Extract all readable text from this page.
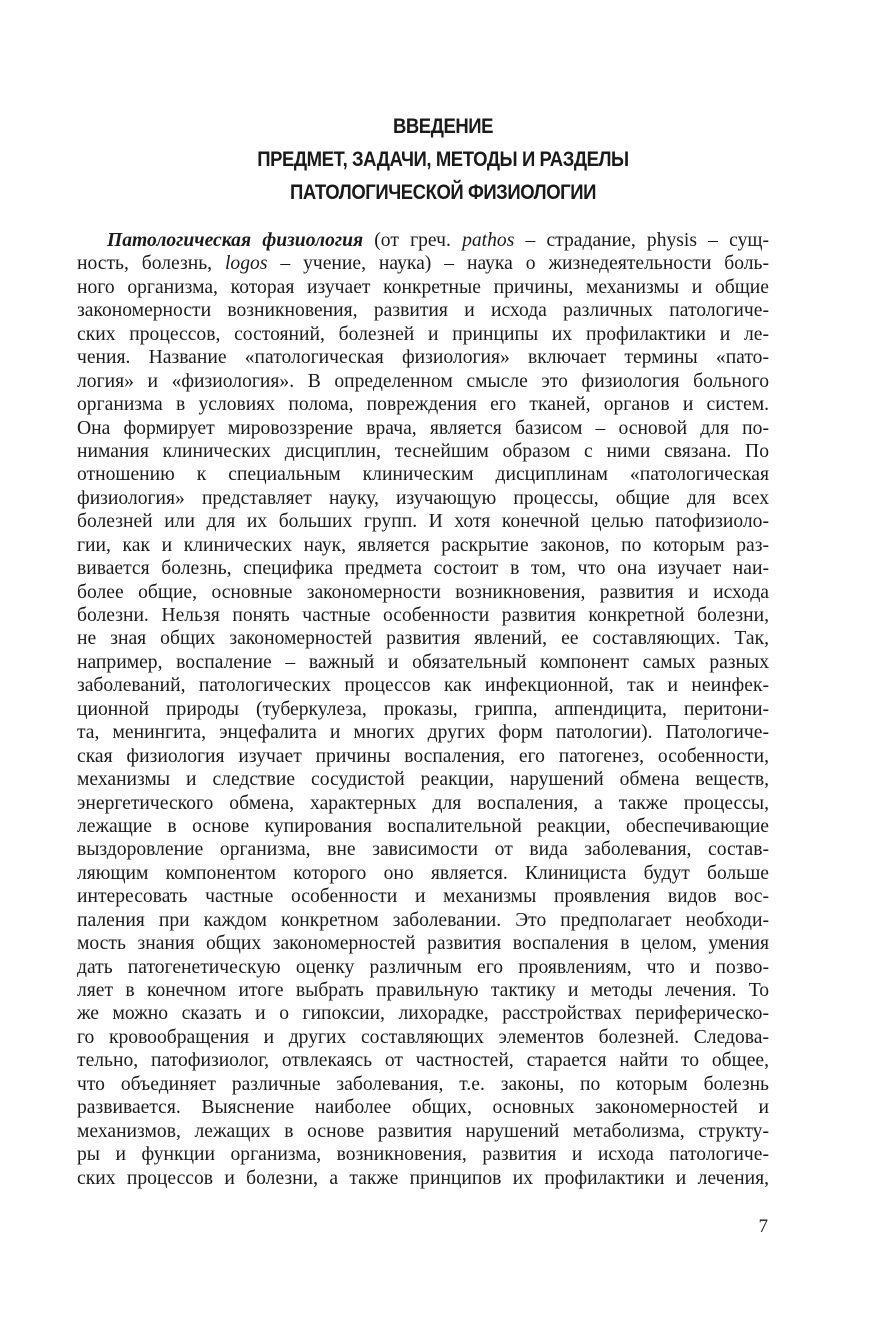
ВВЕДЕНИЕ
ПРЕДМЕТ, ЗАДАЧИ, МЕТОДЫ И РАЗДЕЛЫ
ПАТОЛОГИЧЕСКОЙ ФИЗИОЛОГИИ
Патологическая физиология (от греч. pathos – страдание, physis – сущ-
ность, болезнь, logos – учение, наука) – наука о жизнедеятельности боль-
ного организма, которая изучает конкретные причины, механизмы и общие
закономерности возникновения, развития и исхода различных патологиче-
ских процессов, состояний, болезней и принципы их профилактики и ле-
чения. Название «патологическая физиология» включает термины «пато-
логия» и «физиология». В определенном смысле это физиология больного
организма в условиях полома, повреждения его тканей, органов и систем.
Она формирует мировоззрение врача, является базисом – основой для по-
нимания клинических дисциплин, теснейшим образом с ними связана. По
отношению к специальным клиническим дисциплинам «патологическая
физиология» представляет науку, изучающую процессы, общие для всех
болезней или для их больших групп. И хотя конечной целью патофизиоло-
гии, как и клинических наук, является раскрытие законов, по которым раз-
вивается болезнь, специфика предмета состоит в том, что она изучает наи-
более общие, основные закономерности возникновения, развития и исхода
болезни. Нельзя понять частные особенности развития конкретной болезни,
не зная общих закономерностей развития явлений, ее составляющих. Так,
например, воспаление – важный и обязательный компонент самых разных
заболеваний, патологических процессов как инфекционной, так и неинфек-
ционной природы (туберкулеза, проказы, гриппа, аппендицита, перитони-
та, менингита, энцефалита и многих других форм патологии). Патологиче-
ская физиология изучает причины воспаления, его патогенез, особенности,
механизмы и следствие сосудистой реакции, нарушений обмена веществ,
энергетического обмена, характерных для воспаления, а также процессы,
лежащие в основе купирования воспалительной реакции, обеспечивающие
выздоровление организма, вне зависимости от вида заболевания, состав-
ляющим компонентом которого оно является. Клинициста будут больше
интересовать частные особенности и механизмы проявления видов вос-
паления при каждом конкретном заболевании. Это предполагает необходи-
мость знания общих закономерностей развития воспаления в целом, умения
дать патогенетическую оценку различным его проявлениям, что и позво-
ляет в конечном итоге выбрать правильную тактику и методы лечения. То
же можно сказать и о гипоксии, лихорадке, расстройствах периферическо-
го кровообращения и других составляющих элементов болезней. Следова-
тельно, патофизиолог, отвлекаясь от частностей, старается найти то общее,
что объединяет различные заболевания, т.е. законы, по которым болезнь
развивается. Выяснение наиболее общих, основных закономерностей и
механизмов, лежащих в основе развития нарушений метаболизма, структу-
ры и функции организма, возникновения, развития и исхода патологиче-
ских процессов и болезни, а также принципов их профилактики и лечения,
7
